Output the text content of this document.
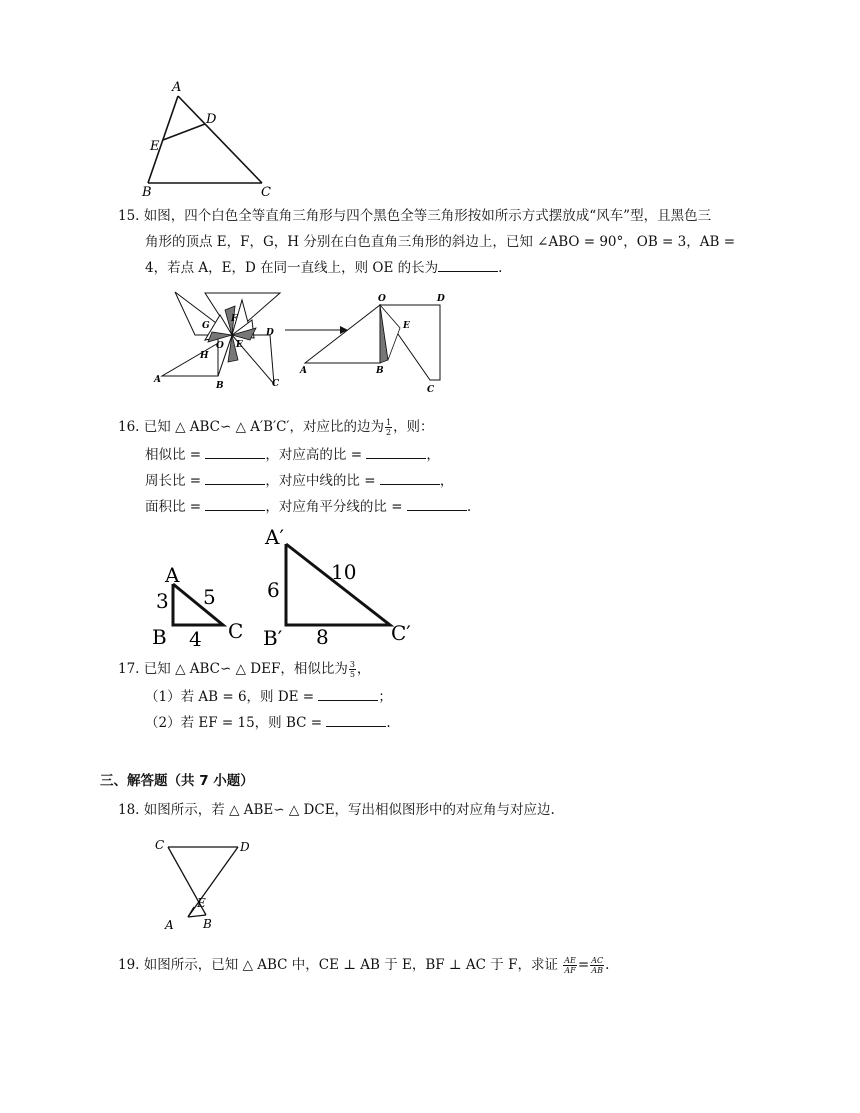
A
D
E
B	C
15. 如图，四个白色全等直角三角形与四个黑色全等三角形按如所示方式摆放成“风车”型，且黑色三
角形的顶点 E，F，G，H 分别在白色直角三角形的斜边上，已知 ∠ABO = 90°，OB = 3，AB =
4，若点 A，E，D 在同一直线上，则 OE 的长为	.
G
F
D
O E
H
A
B	C
O	D
E
A	B
C
16. 已知 △ ABC∽ △ A′B′C′，对应比的边为 $\frac{1}{2}$ ，则：
相似比 =	，对应高的比 =	，
周长比 =	，对应中线的比 =	，
面积比 =	，对应角平分线的比 =	.
A
B	C
3 5
4
A′
B′	C′
6
10
8
17. 已知 △ ABC∽ △ DEF，相似比为 $\frac{3}{5}$ ，
（1）若 AB = 6，则 DE =	；
（2）若 EF = 15，则 BC =	.
三、解答题（共 7 小题）
18. 如图所示，若 △ ABE∽ △ DCE，写出相似图形中的对应角与对应边.
C	D
E
A B
19. 如图所示，已知 △ ABC 中，CE ⊥ AB 于 E，BF ⊥ AC 于 F，求证 $\frac{AE}{AF} = \frac{AC}{AB}$ .
